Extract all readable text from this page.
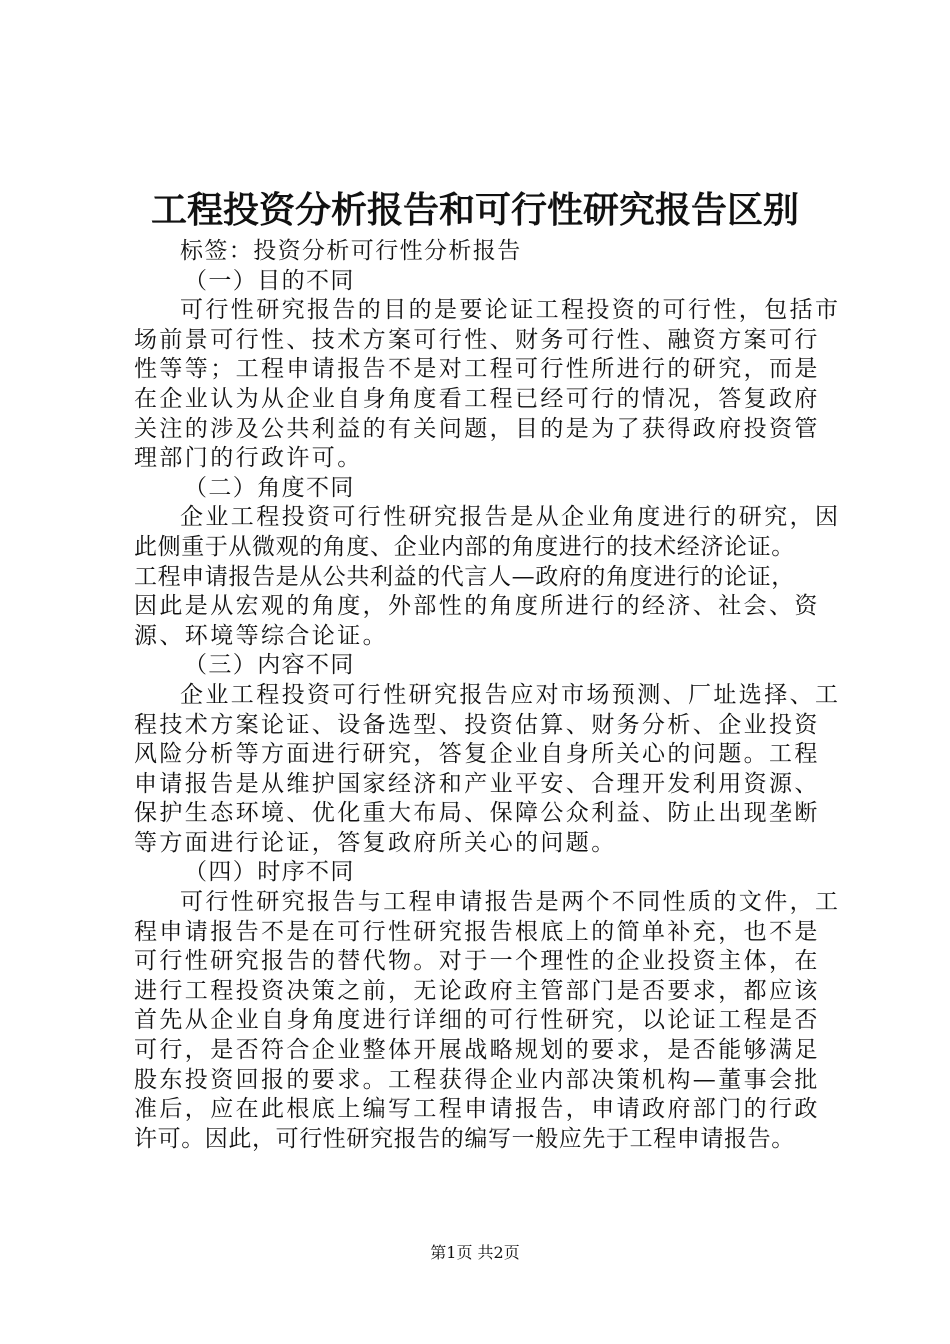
工程投资分析报告和可行性研究报告区别
标签：投资分析可行性分析报告
（一）目的不同
可行性研究报告的目的是要论证工程投资的可行性，包括市
场前景可行性、技术方案可行性、财务可行性、融资方案可行
性等等；工程申请报告不是对工程可行性所进行的研究，而是
在企业认为从企业自身角度看工程已经可行的情况，答复政府
关注的涉及公共利益的有关问题，目的是为了获得政府投资管
理部门的行政许可。
（二）角度不同
企业工程投资可行性研究报告是从企业角度进行的研究，因
此侧重于从微观的角度、企业内部的角度进行的技术经济论证。
工程申请报告是从公共利益的代言人—政府的角度进行的论证，
因此是从宏观的角度，外部性的角度所进行的经济、社会、资
源、环境等综合论证。
（三）内容不同
企业工程投资可行性研究报告应对市场预测、厂址选择、工
程技术方案论证、设备选型、投资估算、财务分析、企业投资
风险分析等方面进行研究，答复企业自身所关心的问题。工程
申请报告是从维护国家经济和产业平安、合理开发利用资源、
保护生态环境、优化重大布局、保障公众利益、防止出现垄断
等方面进行论证，答复政府所关心的问题。
（四）时序不同
可行性研究报告与工程申请报告是两个不同性质的文件，工
程申请报告不是在可行性研究报告根底上的简单补充，也不是
可行性研究报告的替代物。对于一个理性的企业投资主体，在
进行工程投资决策之前，无论政府主管部门是否要求，都应该
首先从企业自身角度进行详细的可行性研究，以论证工程是否
可行，是否符合企业整体开展战略规划的要求，是否能够满足
股东投资回报的要求。工程获得企业内部决策机构—董事会批
准后，应在此根底上编写工程申请报告，申请政府部门的行政
许可。因此，可行性研究报告的编写一般应先于工程申请报告。
第1页 共2页
